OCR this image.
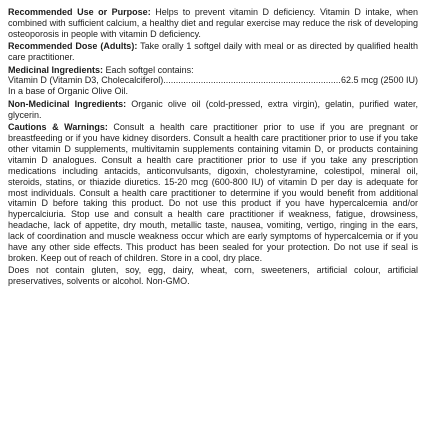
Recommended Use or Purpose: Helps to prevent vitamin D deficiency. Vitamin D intake, when combined with sufficient calcium, a healthy diet and regular exercise may reduce the risk of developing osteoporosis in people with vitamin D deficiency.
Recommended Dose (Adults): Take orally 1 softgel daily with meal or as directed by qualified health care practitioner.
Medicinal Ingredients: Each softgel contains:
Vitamin D (Vitamin D3, Cholecalciferol)
.....	62.5 mcg (2500 IU)
In a base of Organic Olive Oil.
Non-Medicinal Ingredients: Organic olive oil (cold-pressed, extra virgin), gelatin, purified water, glycerin.
Cautions & Warnings: Consult a health care practitioner prior to use if you are pregnant or breastfeeding or if you have kidney disorders. Consult a health care practitioner prior to use if you take other vitamin D supplements, multivitamin supplements containing vitamin D, or products containing vitamin D analogues. Consult a health care practitioner prior to use if you take any prescription medications including antacids, anticonvulsants, digoxin, cholestyramine, colestipol, mineral oil, steroids, statins, or thiazide diuretics. 15-20 mcg (600-800 IU) of vitamin D per day is adequate for most individuals. Consult a health care practitioner to determine if you would benefit from additional vitamin D before taking this product. Do not use this product if you have hypercalcemia and/or hypercalciuria. Stop use and consult a health care practitioner if weakness, fatigue, drowsiness, headache, lack of appetite, dry mouth, metallic taste, nausea, vomiting, vertigo, ringing in the ears, lack of coordination and muscle weakness occur which are early symptoms of hypercalcemia or if you have any other side effects. This product has been sealed for your protection. Do not use if seal is broken. Keep out of reach of children. Store in a cool, dry place.
Does not contain gluten, soy, egg, dairy, wheat, corn, sweeteners, artificial colour, artificial preservatives, solvents or alcohol. Non-GMO.
